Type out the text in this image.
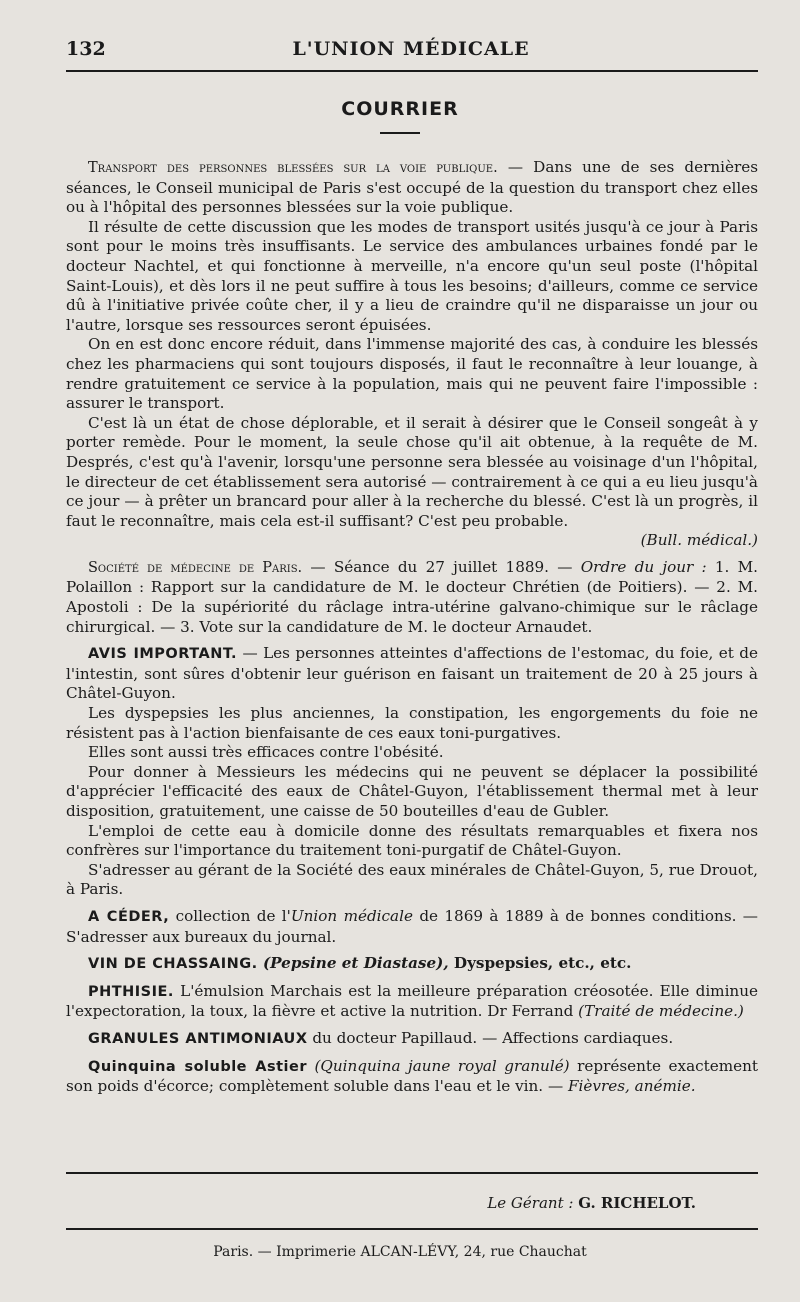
132	L'UNION MÉDICALE
COURRIER

Transport des personnes blessées sur la voie publique. — Dans une de ses dernières séances, le Conseil municipal de Paris s'est occupé de la question du transport chez elles ou à l'hôpital des personnes blessées sur la voie publique.

Il résulte de cette discussion que les modes de transport usités jusqu'à ce jour à Paris sont pour le moins très insuffisants. Le service des ambulances urbaines fondé par le docteur Nachtel, et qui fonctionne à merveille, n'a encore qu'un seul poste (l'hôpital Saint-Louis), et dès lors il ne peut suffire à tous les besoins; d'ailleurs, comme ce service dû à l'initiative privée coûte cher, il y a lieu de craindre qu'il ne disparaisse un jour ou l'autre, lorsque ses ressources seront épuisées.

On en est donc encore réduit, dans l'immense majorité des cas, à conduire les blessés chez les pharmaciens qui sont toujours disposés, il faut le reconnaître à leur louange, à rendre gratuitement ce service à la population, mais qui ne peuvent faire l'impossible : assurer le transport.

C'est là un état de chose déplorable, et il serait à désirer que le Conseil songeât à y porter remède. Pour le moment, la seule chose qu'il ait obtenue, à la requête de M. Després, c'est qu'à l'avenir, lorsqu'une personne sera blessée au voisinage d'un l'hôpital, le directeur de cet établissement sera autorisé — contrairement à ce qui a eu lieu jusqu'à ce jour — à prêter un brancard pour aller à la recherche du blessé. C'est là un progrès, il faut le reconnaître, mais cela est-il suffisant? C'est peu probable.

(Bull. médical.)

Société de médecine de Paris. — Séance du 27 juillet 1889. — Ordre du jour : 1. M. Polaillon : Rapport sur la candidature de M. le docteur Chrétien (de Poitiers). — 2. M. Apostoli : De la supériorité du râclage intra-utérine galvano-chimique sur le râclage chirurgical. — 3. Vote sur la candidature de M. le docteur Arnaudet.

AVIS IMPORTANT. — Les personnes atteintes d'affections de l'estomac, du foie, et de l'intestin, sont sûres d'obtenir leur guérison en faisant un traitement de 20 à 25 jours à Châtel-Guyon.

Les dyspepsies les plus anciennes, la constipation, les engorgements du foie ne résistent pas à l'action bienfaisante de ces eaux toni-purgatives.

Elles sont aussi très efficaces contre l'obésité.

Pour donner à Messieurs les médecins qui ne peuvent se déplacer la possibilité d'apprécier l'efficacité des eaux de Châtel-Guyon, l'établissement thermal met à leur disposition, gratuitement, une caisse de 50 bouteilles d'eau de Gubler.

L'emploi de cette eau à domicile donne des résultats remarquables et fixera nos confrères sur l'importance du traitement toni-purgatif de Châtel-Guyon.

S'adresser au gérant de la Société des eaux minérales de Châtel-Guyon, 5, rue Drouot, à Paris.

A CÉDER, collection de l'Union médicale de 1869 à 1889 à de bonnes conditions. — S'adresser aux bureaux du journal.

VIN DE CHASSAING. (Pepsine et Diastase), Dyspepsies, etc., etc.

PHTHISIE. L'émulsion Marchais est la meilleure préparation créosotée. Elle diminue l'expectoration, la toux, la fièvre et active la nutrition. Dr Ferrand (Traité de médecine.)

GRANULES ANTIMONIAUX du docteur Papillaud. — Affections cardiaques.

Quinquina soluble Astier (Quinquina jaune royal granulé) représente exactement son poids d'écorce; complètement soluble dans l'eau et le vin. — Fièvres, anémie.

Le Gérant : G. RICHELOT.
Paris. — Imprimerie ALCAN-LÉVY, 24, rue Chauchat
